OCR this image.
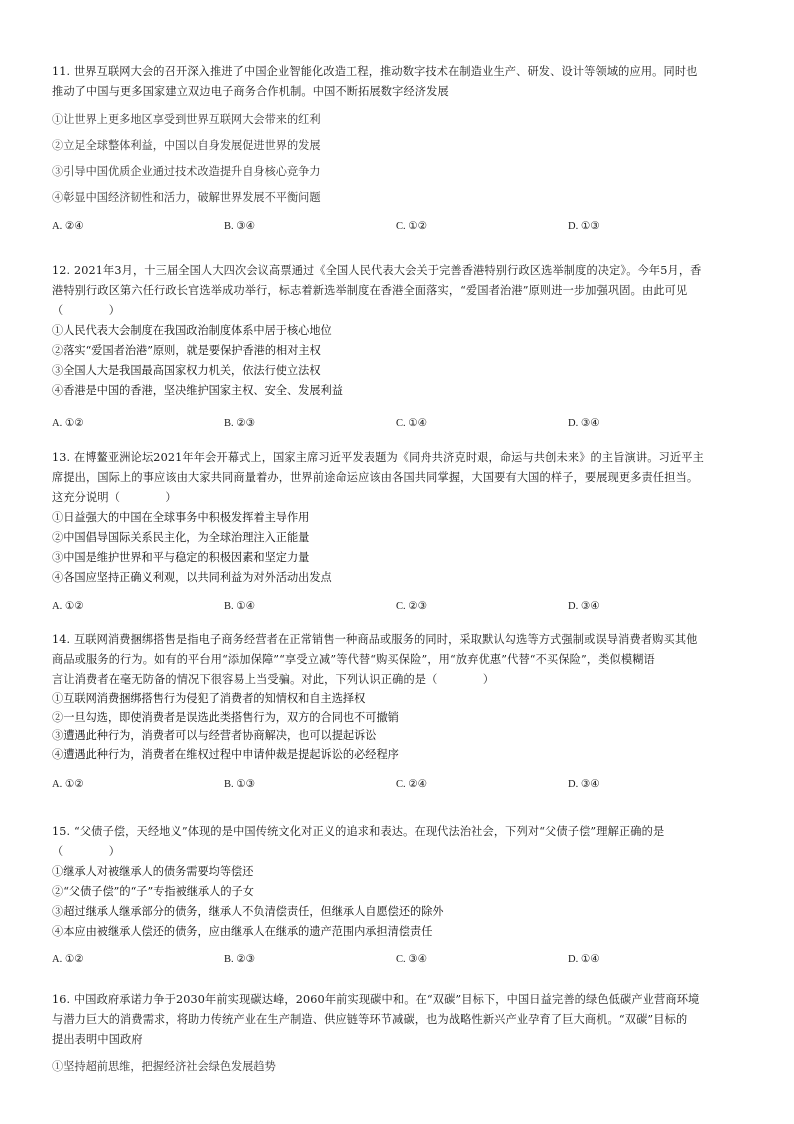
11. 世界互联网大会的召开深入推进了中国企业智能化改造工程，推动数字技术在制造业生产、研发、设计等领域的应用。同时也
推动了中国与更多国家建立双边电子商务合作机制。中国不断拓展数字经济发展
①让世界上更多地区享受到世界互联网大会带来的红利
②立足全球整体利益，中国以自身发展促进世界的发展
③引导中国优质企业通过技术改造提升自身核心竞争力
④彰显中国经济韧性和活力，破解世界发展不平衡问题
A. ②④	B. ③④	C. ①②	D. ①③
12. 2021年3月，十三届全国人大四次会议高票通过《全国人民代表大会关于完善香港特别行政区选举制度的决定》。今年5月，香
港特别行政区第六任行政长官选举成功举行，标志着新选举制度在香港全面落实，“爱国者治港”原则进一步加强巩固。由此可见
（　　　　）
①人民代表大会制度在我国政治制度体系中居于核心地位
②落实“爱国者治港”原则，就是要保护香港的相对主权
③全国人大是我国最高国家权力机关，依法行使立法权
④香港是中国的香港，坚决维护国家主权、安全、发展利益
A. ①②	B. ②③	C. ①④	D. ③④
13. 在博鳌亚洲论坛2021年年会开幕式上，国家主席习近平发表题为《同舟共济克时艰，命运与共创未来》的主旨演讲。习近平主
席提出，国际上的事应该由大家共同商量着办，世界前途命运应该由各国共同掌握，大国要有大国的样子，要展现更多责任担当。
这充分说明（　　　　）
①日益强大的中国在全球事务中积极发挥着主导作用
②中国倡导国际关系民主化，为全球治理注入正能量
③中国是维护世界和平与稳定的积极因素和坚定力量
④各国应坚持正确义利观，以共同利益为对外活动出发点
A. ①②	B. ①④	C. ②③	D. ③④
14. 互联网消费捆绑搭售是指电子商务经营者在正常销售一种商品或服务的同时，采取默认勾选等方式强制或误导消费者购买其他
商品或服务的行为。如有的平台用“添加保障”“享受立减”等代替“购买保险”，用“放弃优惠”代替“不买保险”，类似模糊语
言让消费者在毫无防备的情况下很容易上当受骗。对此，下列认识正确的是（　　　　）
①互联网消费捆绑搭售行为侵犯了消费者的知情权和自主选择权
②一旦勾选，即使消费者是误选此类搭售行为，双方的合同也不可撤销
③遭遇此种行为，消费者可以与经营者协商解决，也可以提起诉讼
④遭遇此种行为，消费者在维权过程中申请仲裁是提起诉讼的必经程序
A. ①②	B. ①③	C. ②④	D. ③④
15. “父债子偿，天经地义”体现的是中国传统文化对正义的追求和表达。在现代法治社会，下列对“父债子偿”理解正确的是
（　　　　）
①继承人对被继承人的债务需要均等偿还
②“父债子偿”的“子”专指被继承人的子女
③超过继承人继承部分的债务，继承人不负清偿责任，但继承人自愿偿还的除外
④本应由被继承人偿还的债务，应由继承人在继承的遗产范围内承担清偿责任
A. ①②	B. ②③	C. ③④	D. ①④
16. 中国政府承诺力争于2030年前实现碳达峰，2060年前实现碳中和。在“双碳”目标下，中国日益完善的绿色低碳产业营商环境
与潜力巨大的消费需求，将助力传统产业在生产制造、供应链等环节减碳，也为战略性新兴产业孕育了巨大商机。“双碳”目标的
提出表明中国政府
①坚持超前思维，把握经济社会绿色发展趋势
